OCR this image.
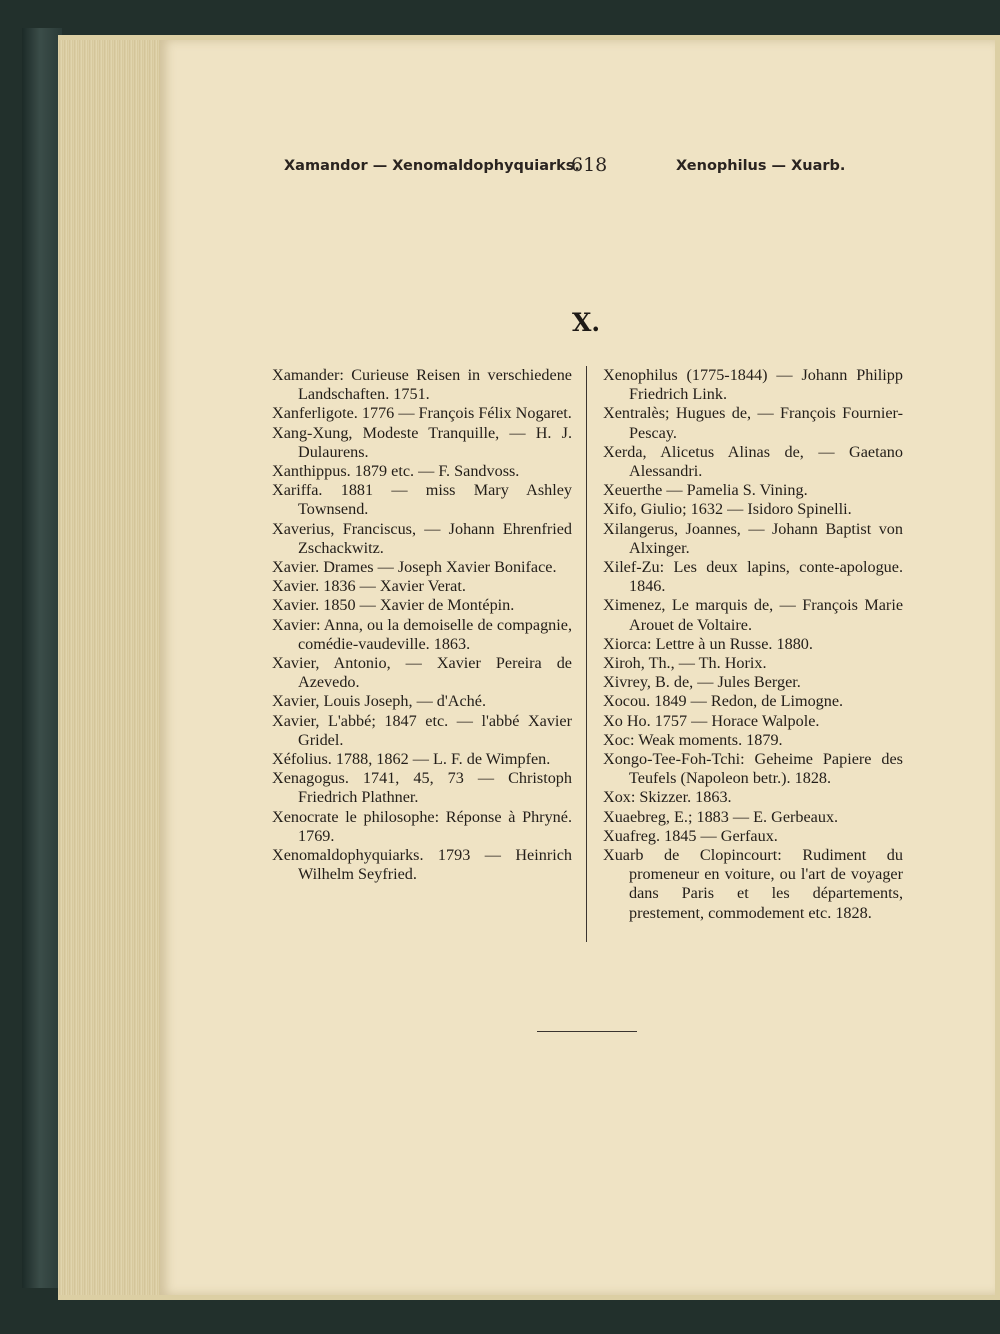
Xamandor — Xenomaldophyquiarks.
618	Xenophilus — Xuarb.
X.

Xamander: Curieuse Reisen in verschiedene Landschaften. 1751.

Xanferligote. 1776 — François Félix Nogaret.

Xang-Xung, Modeste Tranquille, — H. J. Dulaurens.

Xanthippus. 1879 etc. — F. Sandvoss.

Xariffa. 1881 — miss Mary Ashley Townsend.

Xaverius, Franciscus, — Johann Ehrenfried Zschackwitz.

Xavier. Drames — Joseph Xavier Boniface.

Xavier. 1836 — Xavier Verat.

Xavier. 1850 — Xavier de Montépin.

Xavier: Anna, ou la demoiselle de compagnie, comédie-vaudeville. 1863.

Xavier, Antonio, — Xavier Pereira de Azevedo.

Xavier, Louis Joseph, — d'Aché.

Xavier, L'abbé; 1847 etc. — l'abbé Xavier Gridel.

Xéfolius. 1788, 1862 — L. F. de Wimpfen.

Xenagogus. 1741, 45, 73 — Christoph Friedrich Plathner.

Xenocrate le philosophe: Réponse à Phryné. 1769.

Xenomaldophyquiarks. 1793 — Heinrich Wilhelm Seyfried.

Xenophilus (1775-1844) — Johann Philipp Friedrich Link.

Xentralès; Hugues de, — François Fournier-Pescay.

Xerda, Alicetus Alinas de, — Gaetano Alessandri.

Xeuerthe — Pamelia S. Vining.

Xifo, Giulio; 1632 — Isidoro Spinelli.

Xilangerus, Joannes, — Johann Baptist von Alxinger.

Xilef-Zu: Les deux lapins, conte-apologue. 1846.

Ximenez, Le marquis de, — François Marie Arouet de Voltaire.

Xiorca: Lettre à un Russe. 1880.

Xiroh, Th., — Th. Horix.

Xivrey, B. de, — Jules Berger.

Xocou. 1849 — Redon, de Limogne.

Xo Ho. 1757 — Horace Walpole.

Xoc: Weak moments. 1879.

Xongo-Tee-Foh-Tchi: Geheime Papiere des Teufels (Napoleon betr.). 1828.

Xox: Skizzer. 1863.

Xuaebreg, E.; 1883 — E. Gerbeaux.

Xuafreg. 1845 — Gerfaux.

Xuarb de Clopincourt: Rudiment du promeneur en voiture, ou l'art de voyager dans Paris et les départements, prestement, commodement etc. 1828.
